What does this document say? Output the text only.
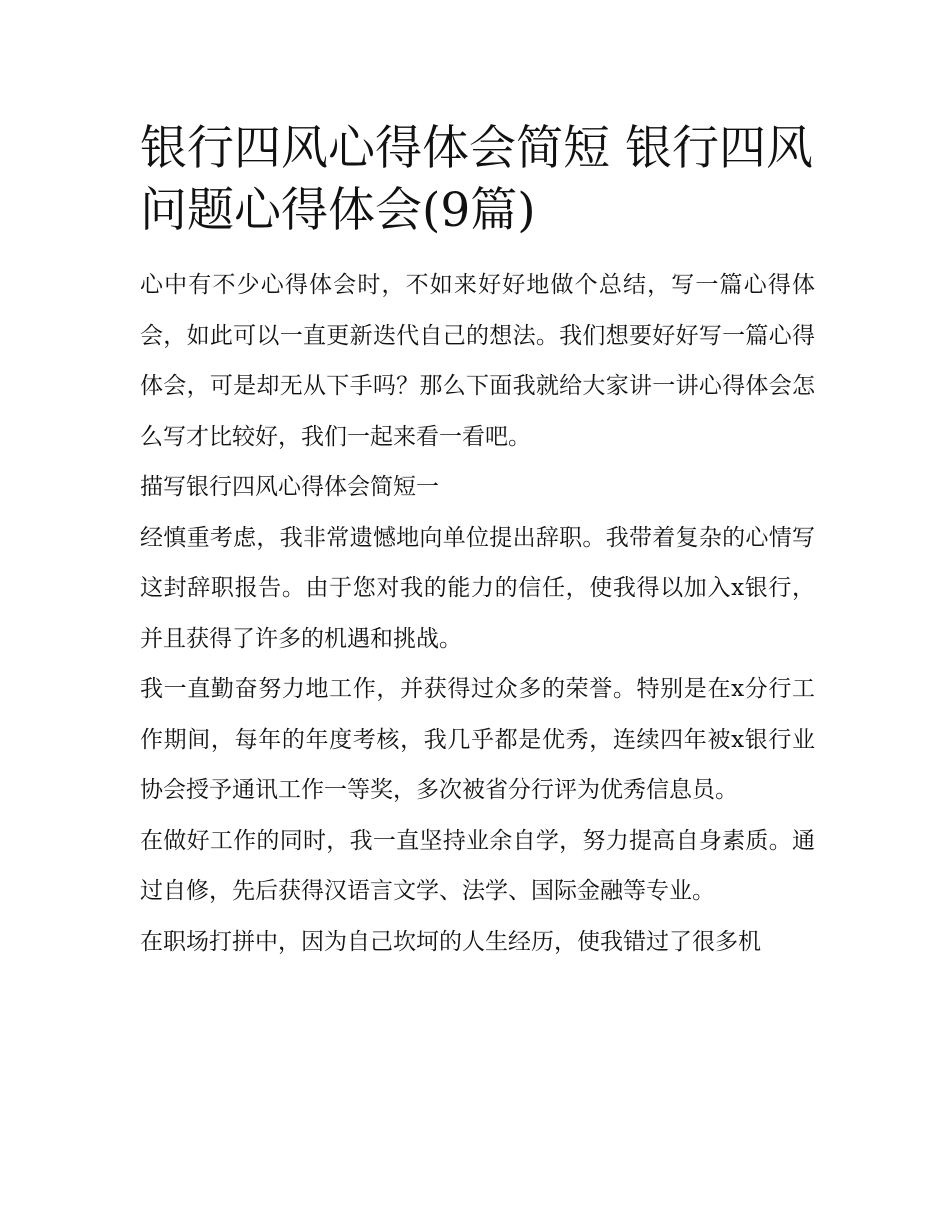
银行四风心得体会简短 银行四风问题心得体会(9篇)

心中有不少心得体会时，不如来好好地做个总结，写一篇心得体会，如此可以一直更新迭代自己的想法。我们想要好好写一篇心得体会，可是却无从下手吗？那么下面我就给大家讲一讲心得体会怎么写才比较好，我们一起来看一看吧。

描写银行四风心得体会简短一

经慎重考虑，我非常遗憾地向单位提出辞职。我带着复杂的心情写这封辞职报告。由于您对我的能力的信任，使我得以加入x银行，并且获得了许多的机遇和挑战。

我一直勤奋努力地工作，并获得过众多的荣誉。特别是在x分行工作期间，每年的年度考核，我几乎都是优秀，连续四年被x银行业协会授予通讯工作一等奖，多次被省分行评为优秀信息员。

在做好工作的同时，我一直坚持业余自学，努力提高自身素质。通过自修，先后获得汉语言文学、法学、国际金融等专业。

在职场打拼中，因为自己坎坷的人生经历，使我错过了很多机
